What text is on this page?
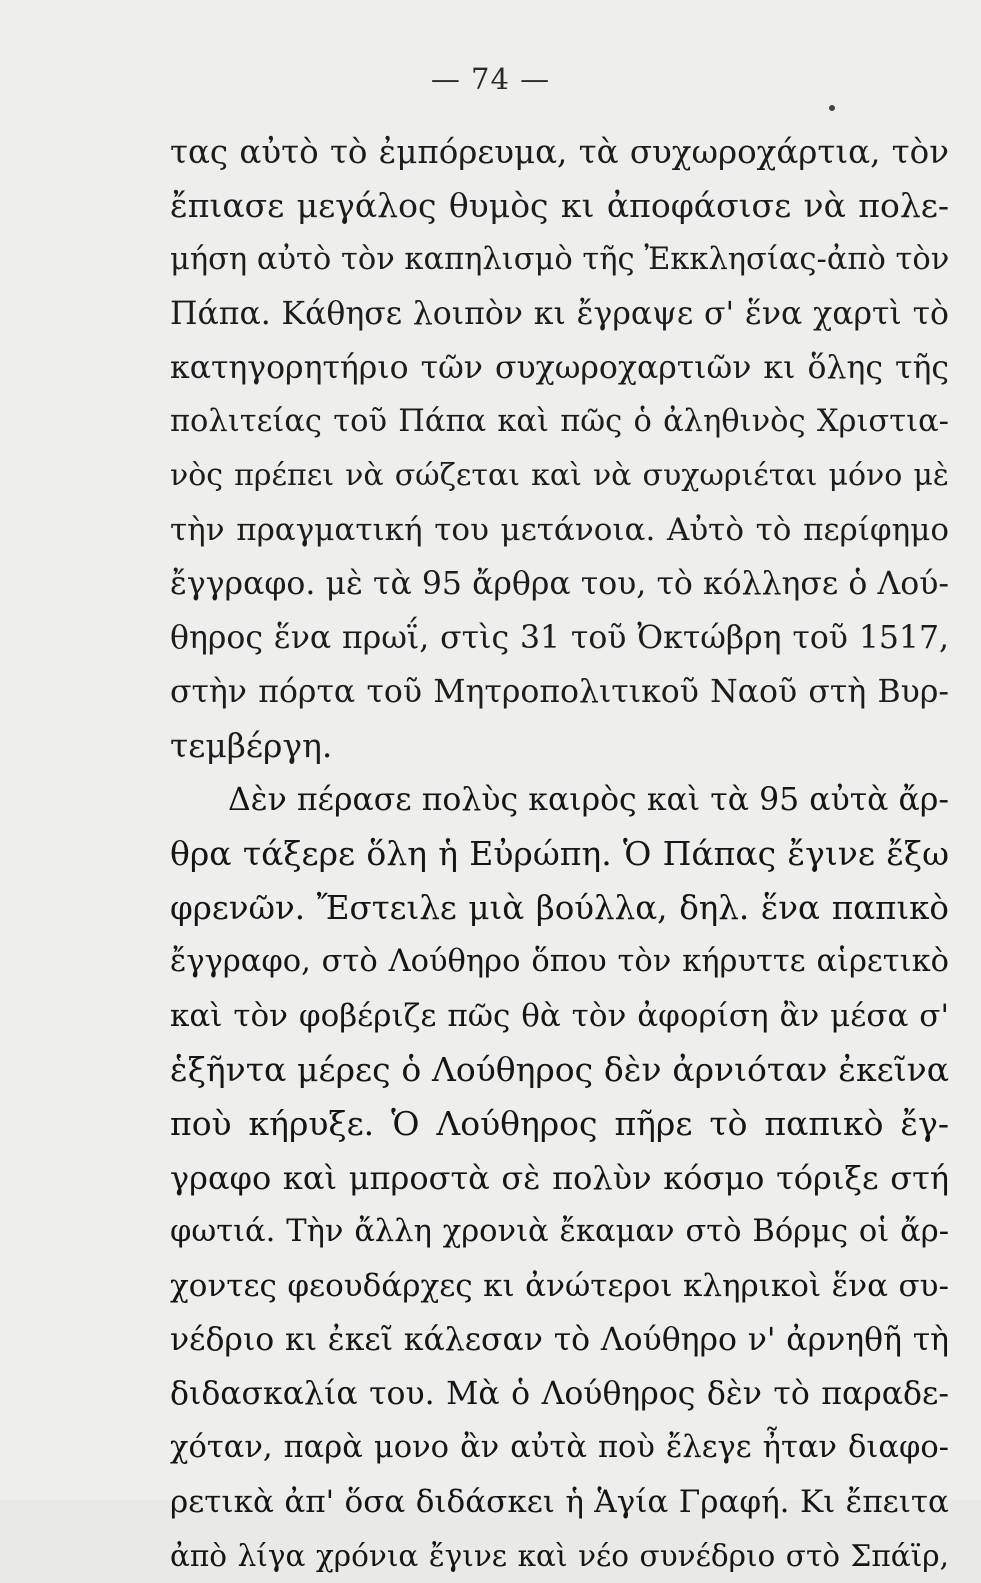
— 74 —
τας αὐτὸ τὸ ἐμπόρευμα, τὰ συχωροχάρτια, τὸν
ἔπιασε μεγάλος θυμὸς κι ἀποφάσισε νὰ πολε-
μήση αὐτὸ τὸν καπηλισμὸ τῆς Ἐκκλησίας-ἀπὸ τὸν
Πάπα. Κάθησε λοιπὸν κι ἔγραψε σ' ἕνα χαρτὶ τὸ
κατηγορητήριο τῶν συχωροχαρτιῶν κι ὅλης τῆς
πολιτείας τοῦ Πάπα καὶ πῶς ὁ ἀληθινὸς Χριστια-
νὸς πρέπει νὰ σώζεται καὶ νὰ συχωριέται μόνο μὲ
τὴν πραγματική του μετάνοια. Αὐτὸ τὸ περίφημο
ἔγγραφο. μὲ τὰ 95 ἄρθρα του, τὸ κόλλησε ὁ Λού-
θηρος ἕνα πρωΐ, στὶς 31 τοῦ Ὀκτώβρη τοῦ 1517,
στὴν πόρτα τοῦ Μητροπολιτικοῦ Ναοῦ στὴ Βυρ-
τεμβέργη.
Δὲν πέρασε πολὺς καιρὸς καὶ τὰ 95 αὐτὰ ἄρ-
θρα τάξερε ὅλη ἡ Εὐρώπη. Ὁ Πάπας ἔγινε ἔξω
φρενῶν. Ἔστειλε μιὰ βούλλα, δηλ. ἕνα παπικὸ
ἔγγραφο, στὸ Λούθηρο ὅπου τὸν κήρυττε αἱρετικὸ
καὶ τὸν φοβέριζε πῶς θὰ τὸν ἀφορίση ἂν μέσα σ'
ἑξῆντα μέρες ὁ Λούθηρος δὲν ἀρνιόταν ἐκεῖνα
ποὺ κήρυξε. Ὁ Λούθηρος πῆρε τὸ παπικὸ ἔγ-
γραφο καὶ μπροστὰ σὲ πολὺν κόσμο τόριξε στή
φωτιά. Τὴν ἄλλη χρονιὰ ἔκαμαν στὸ Βόρμς οἱ ἄρ-
χοντες φεουδάρχες κι ἀνώτεροι κληρικοὶ ἕνα συ-
νέδριο κι ἐκεῖ κάλεσαν τὸ Λούθηρο ν' ἀρνηθῆ τὴ
διδασκαλία του. Μὰ ὁ Λούθηρος δὲν τὸ παραδε-
χόταν, παρὰ μονο ἂν αὐτὰ ποὺ ἔλεγε ἦταν διαφο-
ρετικὰ ἀπ' ὅσα διδάσκει ἡ Ἁγία Γραφή. Κι ἔπειτα
ἀπὸ λίγα χρόνια ἔγινε καὶ νέο συνέδριο στὸ Σπάϊρ,
